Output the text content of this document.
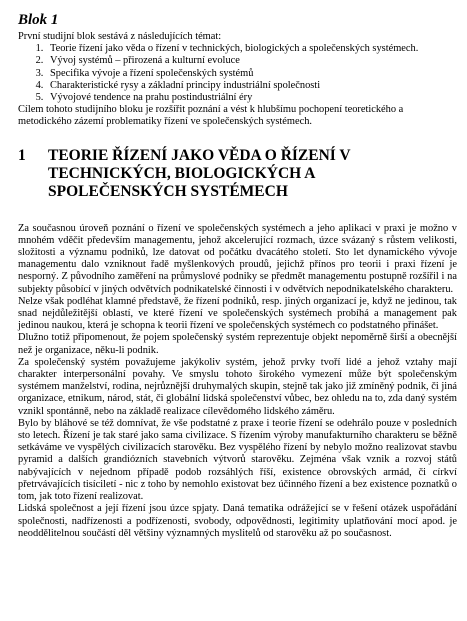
Blok 1

První studijní blok sestává z následujících témat:

1. Teorie řízení jako věda o řízení v technických, biologických a společenských systémech.
2. Vývoj systémů – přirozená a kulturní evoluce
3. Specifika vývoje a řízení společenských systémů
4. Charakteristické rysy a základní principy industriální společnosti
5. Vývojové tendence na prahu postindustriální éry

Cílem tohoto studijního bloku je rozšířit poznání a vést k hlubšímu pochopení teoretického a metodického zázemí problematiky řízení ve společenských systémech.

1	TEORIE ŘÍZENÍ JAKO VĚDA O ŘÍZENÍ V TECHNICKÝCH, BIOLOGICKÝCH A SPOLEČENSKÝCH SYSTÉMECH

Za současnou úroveň poznání o řízení ve společenských systémech a jeho aplikaci v praxi je možno v mnohém vděčit především managementu, jehož akcelerující rozmach, úzce svázaný s růstem velikosti, složitosti a významu podniků, lze datovat od počátku dvacátého století. Sto let dynamického vývoje managementu dalo vzniknout řadě myšlenkových proudů, jejichž přínos pro teorii i praxi řízení je nesporný. Z původního zaměření na průmyslové podniky se předmět managementu postupně rozšířil i na subjekty působící v jiných odvětvích podnikatelské činnosti i v odvětvích nepodnikatelského charakteru.

Nelze však podléhat klamné představě, že řízení podniků, resp. jiných organizací je, když ne jedinou, tak snad nejdůležitější oblastí, ve které řízení ve společenských systémech probíhá a management pak jedinou naukou, která je schopna k teorii řízení ve společenských systémech co podstatného přinášet.

Dlužno totiž připomenout, že pojem společenský systém reprezentuje objekt nepoměrně širší a obecnější než je organizace, něku-li podnik.

Za společenský systém považujeme jakýkoliv systém, jehož prvky tvoří lidé a jehož vztahy mají charakter interpersonální povahy. Ve smyslu tohoto širokého vymezení může být společenským systémem manželství, rodina, nejrůznější druhymalých skupin, stejně tak jako již zmíněný podnik, či jiná organizace, etnikum, národ, stát, či globální lidská společenství vůbec, bez ohledu na to, zda daný systém vznikl spontánně, nebo na základě realizace cílevědomého lidského záměru.

Bylo by bláhové se též domnívat, že vše podstatné z praxe i teorie řízení se odehrálo pouze v posledních sto letech. Řízení je tak staré jako sama civilizace. S řízením výroby manufakturního charakteru se běžně setkáváme ve vyspělých civilizacích starověku. Bez vyspělého řízení by nebylo možno realizovat stavbu pyramid a dalších grandiózních stavebních výtvorů starověku. Zejména však vznik a rozvoj států nabývajících v nejednom případě podob rozsáhlých říší, existence obrovských armád, či církví přetrvávajících tisíciletí - nic z toho by nemohlo existovat bez účinného řízení a bez existence poznatků o tom, jak toto řízení realizovat.

Lidská společnost a její řízení jsou úzce spjaty. Daná tematika odrážející se v řešení otázek uspořádání společnosti, nadřízenosti a podřízenosti, svobody, odpovědnosti, legitimity uplatňování mocí apod. je neoddělitelnou součástí děl většiny významných myslitelů od starověku až po současnost.
